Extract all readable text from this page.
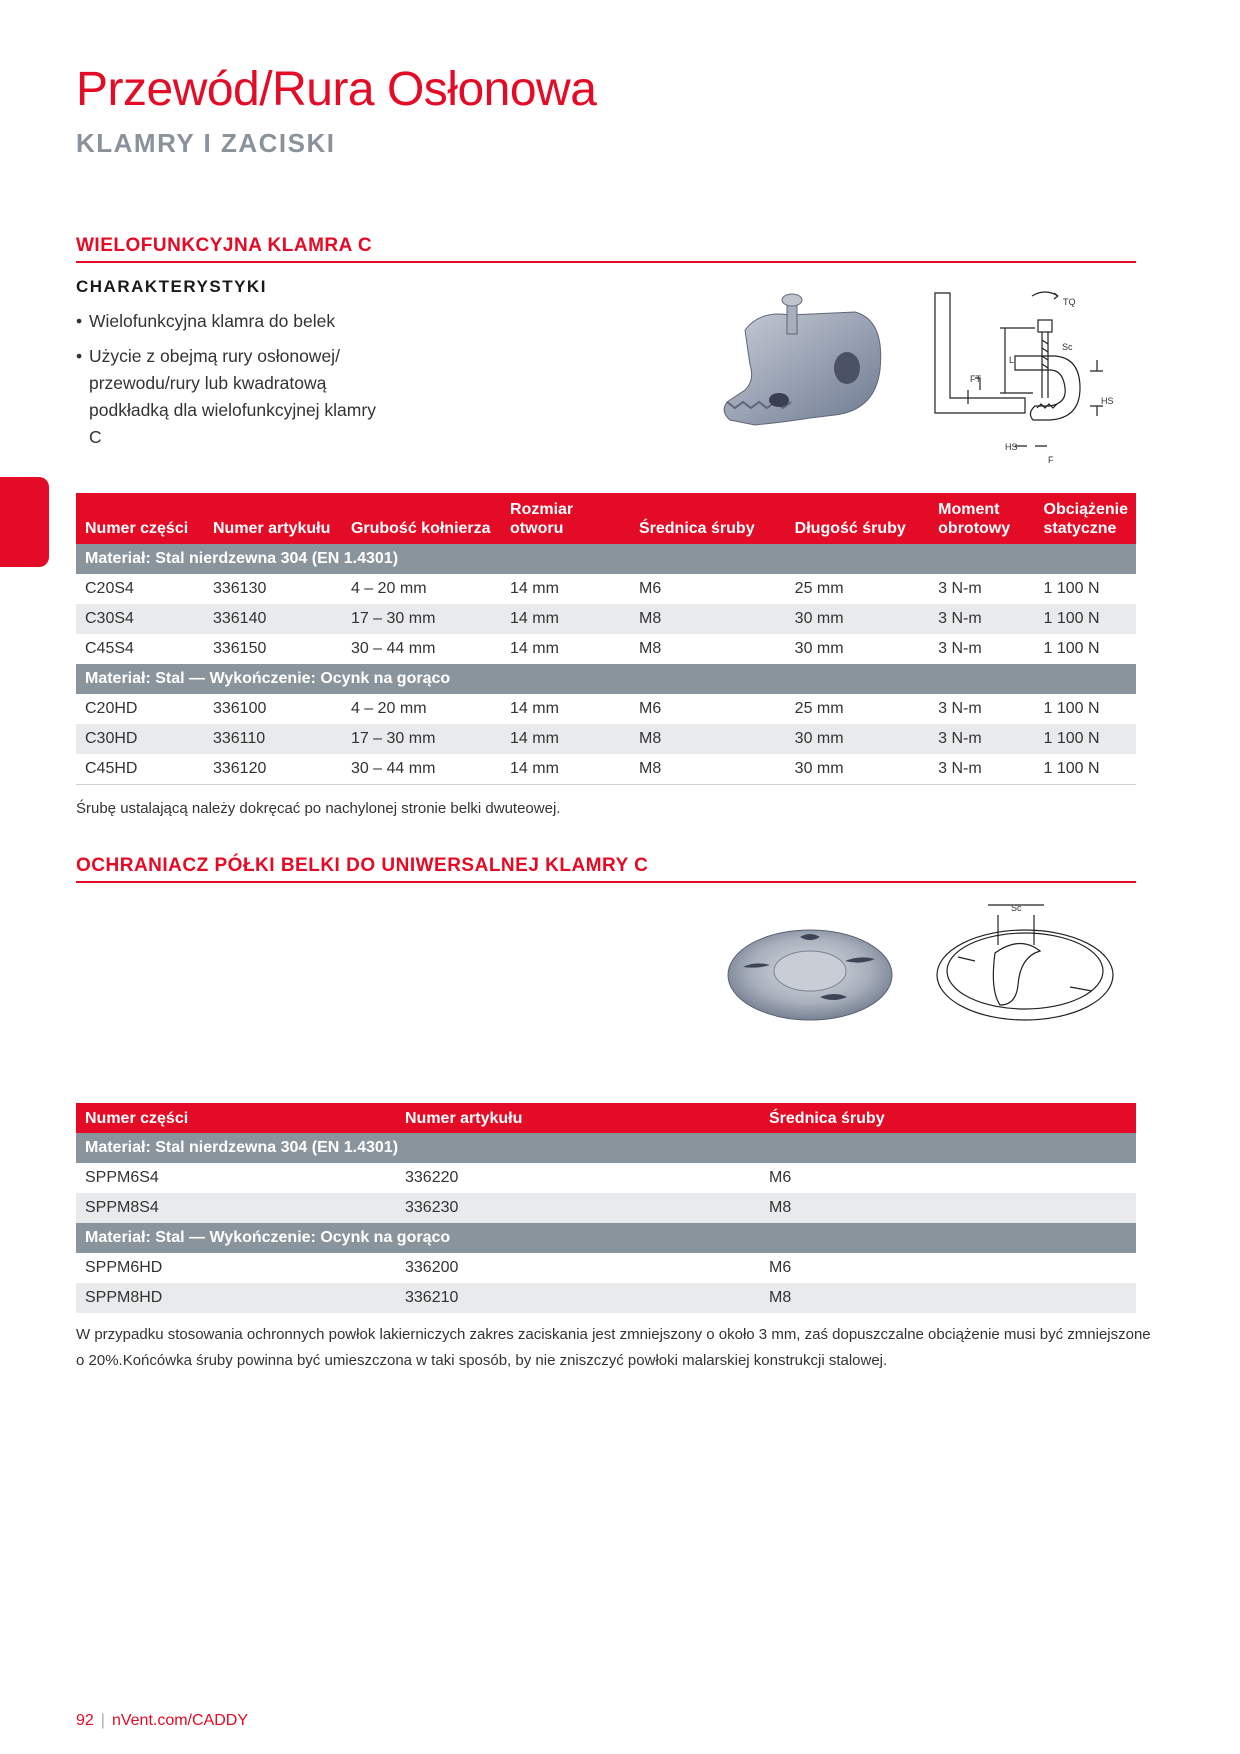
Przewód/Rura Osłonowa
KLAMRY I ZACISKI
WIELOFUNKCYJNA KLAMRA C
CHARAKTERYSTYKI
• Wielofunkcyjna klamra do belek
• Użycie z obejmą rury osłonowej/ przewodu/rury lub kwadratową podkładką dla wielofunkcyjnej klamry C
TQ
Sc
L
FT
HS
HS
F
Numer części	Numer artykułu	Grubość kołnierza	Rozmiar otworu	Średnica śruby	Długość śruby	Moment obrotowy	Obciążenie statyczne
Materiał: Stal nierdzewna 304 (EN 1.4301)							
C20S4	336130	4 – 20 mm	14 mm	M6	25 mm	3 N-m	1 100 N
C30S4	336140	17 – 30 mm	14 mm	M8	30 mm	3 N-m	1 100 N
C45S4	336150	30 – 44 mm	14 mm	M8	30 mm	3 N-m	1 100 N
Materiał: Stal — Wykończenie: Ocynk na gorąco							
C20HD	336100	4 – 20 mm	14 mm	M6	25 mm	3 N-m	1 100 N
C30HD	336110	17 – 30 mm	14 mm	M8	30 mm	3 N-m	1 100 N
C45HD	336120	30 – 44 mm	14 mm	M8	30 mm	3 N-m	1 100 N
Śrubę ustalającą należy dokręcać po nachylonej stronie belki dwuteowej.
OCHRANIACZ PÓŁKI BELKI DO UNIWERSALNEJ KLAMRY C
Sc
Numer części	Numer artykułu	Średnica śruby
Materiał: Stal nierdzewna 304 (EN 1.4301)		
SPPM6S4	336220	M6
SPPM8S4	336230	M8
Materiał: Stal — Wykończenie: Ocynk na gorąco		
SPPM6HD	336200	M6
SPPM8HD	336210	M8
W przypadku stosowania ochronnych powłok lakierniczych zakres zaciskania jest zmniejszony o około 3 mm, zaś dopuszczalne obciążenie musi być zmniejszone o 20%.Końcówka śruby powinna być umieszczona w taki sposób, by nie zniszczyć powłoki malarskiej konstrukcji stalowej.
92 | nVent.com/CADDY
